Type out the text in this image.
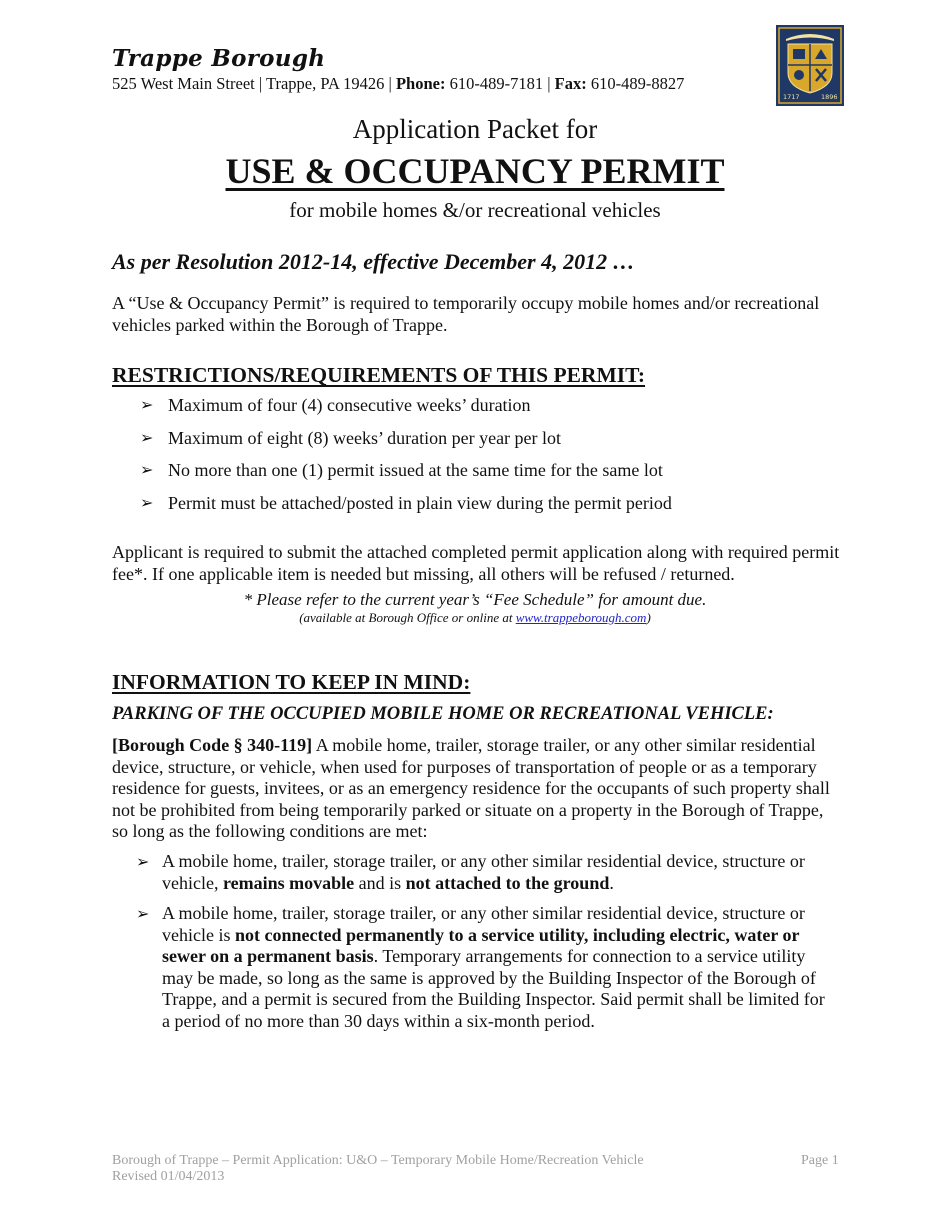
Trappe Borough
525 West Main Street | Trappe, PA 19426 | Phone: 610-489-7181 | Fax: 610-489-8827
1717	1896
Application Packet for
USE & OCCUPANCY PERMIT
for mobile homes &/or recreational vehicles
As per Resolution 2012-14, effective December 4, 2012 …
A “Use & Occupancy Permit” is required to temporarily occupy mobile homes and/or recreational vehicles parked within the Borough of Trappe.
RESTRICTIONS/REQUIREMENTS OF THIS PERMIT:
➢ Maximum of four (4) consecutive weeks’ duration
➢ Maximum of eight (8) weeks’ duration per year per lot
➢ No more than one (1) permit issued at the same time for the same lot
➢ Permit must be attached/posted in plain view during the permit period
Applicant is required to submit the attached completed permit application along with required permit fee*. If one applicable item is needed but missing, all others will be refused / returned.
* Please refer to the current year’s “Fee Schedule” for amount due.
(available at Borough Office or online at www.trappeborough.com)
INFORMATION TO KEEP IN MIND:
PARKING OF THE OCCUPIED MOBILE HOME OR RECREATIONAL VEHICLE:
[Borough Code § 340-119] A mobile home, trailer, storage trailer, or any other similar residential device, structure, or vehicle, when used for purposes of transportation of people or as a temporary residence for guests, invitees, or as an emergency residence for the occupants of such property shall not be prohibited from being temporarily parked or situate on a property in the Borough of Trappe, so long as the following conditions are met:
➢ A mobile home, trailer, storage trailer, or any other similar residential device, structure or vehicle, remains movable and is not attached to the ground.
➢ A mobile home, trailer, storage trailer, or any other similar residential device, structure or vehicle is not connected permanently to a service utility, including electric, water or sewer on a permanent basis. Temporary arrangements for connection to a service utility may be made, so long as the same is approved by the Building Inspector of the Borough of Trappe, and a permit is secured from the Building Inspector. Said permit shall be limited for a period of no more than 30 days within a six-month period.
Borough of Trappe – Permit Application: U&O – Temporary Mobile Home/Recreation Vehicle
Revised 01/04/2013
Page 1
